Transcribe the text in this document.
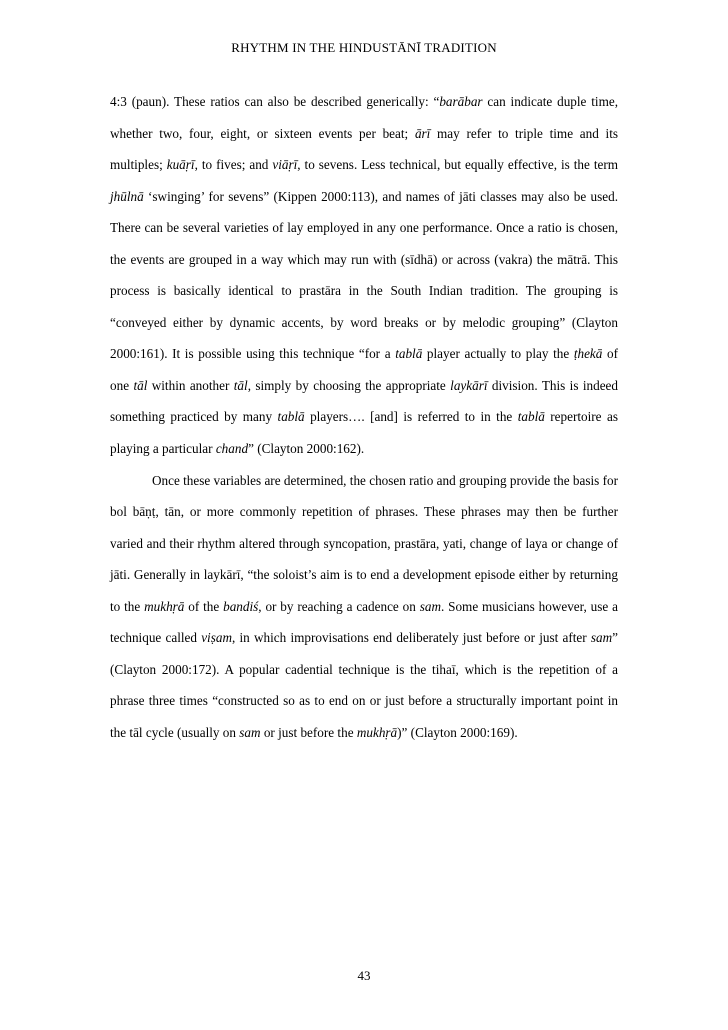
RHYTHM IN THE HINDUSTĀNĪ TRADITION

4:3 (paun). These ratios can also be described generically: “barābar can indicate duple time, whether two, four, eight, or sixteen events per beat; ārī may refer to triple time and its multiples; kuāṛī, to fives; and viāṛī, to sevens. Less technical, but equally effective, is the term jhūlnā ‘swinging’ for sevens” (Kippen 2000:113), and names of jāti classes may also be used. There can be several varieties of lay employed in any one performance. Once a ratio is chosen, the events are grouped in a way which may run with (sīdhā) or across (vakra) the mātrā. This process is basically identical to prastāra in the South Indian tradition. The grouping is “conveyed either by dynamic accents, by word breaks or by melodic grouping” (Clayton 2000:161). It is possible using this technique “for a tablā player actually to play the ṭhekā of one tāl within another tāl, simply by choosing the appropriate laykārī division. This is indeed something practiced by many tablā players…. [and] is referred to in the tablā repertoire as playing a particular chand” (Clayton 2000:162).

Once these variables are determined, the chosen ratio and grouping provide the basis for bol bāṇṭ, tān, or more commonly repetition of phrases. These phrases may then be further varied and their rhythm altered through syncopation, prastāra, yati, change of laya or change of jāti. Generally in laykārī, “the soloist’s aim is to end a development episode either by returning to the mukhṛā of the bandiś, or by reaching a cadence on sam. Some musicians however, use a technique called viṣam, in which improvisations end deliberately just before or just after sam” (Clayton 2000:172). A popular cadential technique is the tihaī, which is the repetition of a phrase three times “constructed so as to end on or just before a structurally important point in the tāl cycle (usually on sam or just before the mukhṛā)” (Clayton 2000:169).

43
